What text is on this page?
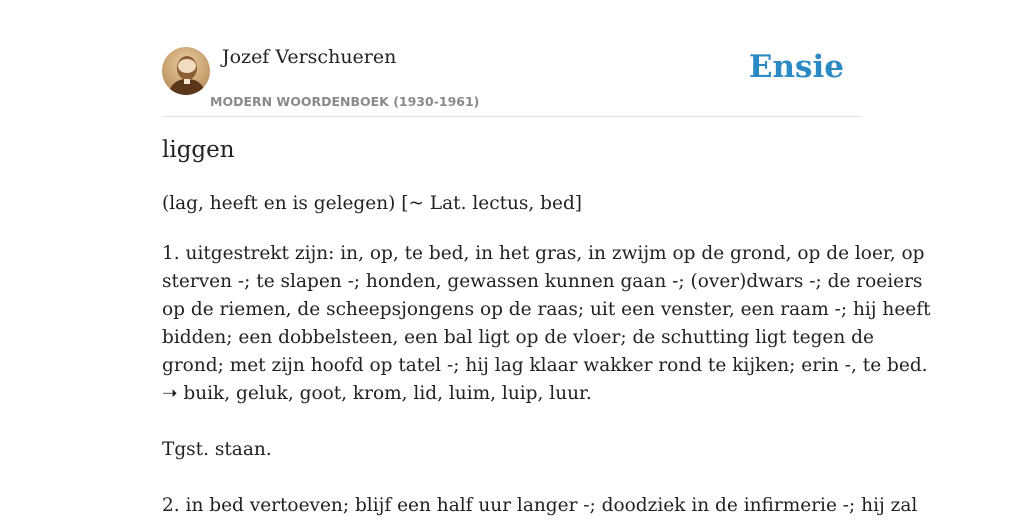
Jozef Verschueren
MODERN WOORDENBOEK (1930-1961)
Ensie
liggen

(lag, heeft en is gelegen) [~ Lat. lectus, bed]

1. uitgestrekt zijn: in, op, te bed, in het gras, in zwijm op de grond, op de loer, op
sterven -; te slapen -; honden, gewassen kunnen gaan -; (over)dwars -; de roeiers
op de riemen, de scheepsjongens op de raas; uit een venster, een raam -; hij heeft
bidden; een dobbelsteen, een bal ligt op de vloer; de schutting ligt tegen de
grond; met zijn hoofd op tatel -; hij lag klaar wakker rond te kijken; erin -, te bed.
➝ buik, geluk, goot, krom, lid, luim, luip, luur.
Tgst. staan.
2. in bed vertoeven; blijf een half uur langer -; doodziek in de infirmerie -; hij zal
